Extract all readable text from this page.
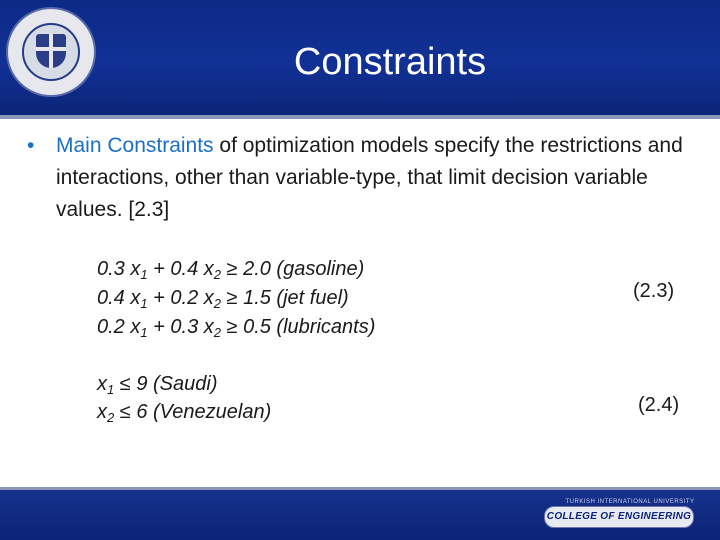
Constraints
• Main Constraints of optimization models specify the restrictions and interactions, other than variable-type, that limit decision variable values. [2.3]
0.3 $x_1 + 0.4$ $x_2 \ge 2.0$ (gasoline)
0.4 $x_1 + 0.2$ $x_2 \ge 1.5$ (jet fuel)
0.2 $x_1 + 0.3$ $x_2 \ge 0.5$ (lubricants)
(2.3)
$x_1 \le 9$ (Saudi)
$x_2 \le 6$ (Venezuelan)	(2.4)
TURKISH INTERNATIONAL UNIVERSITY
COLLEGE OF ENGINEERING
